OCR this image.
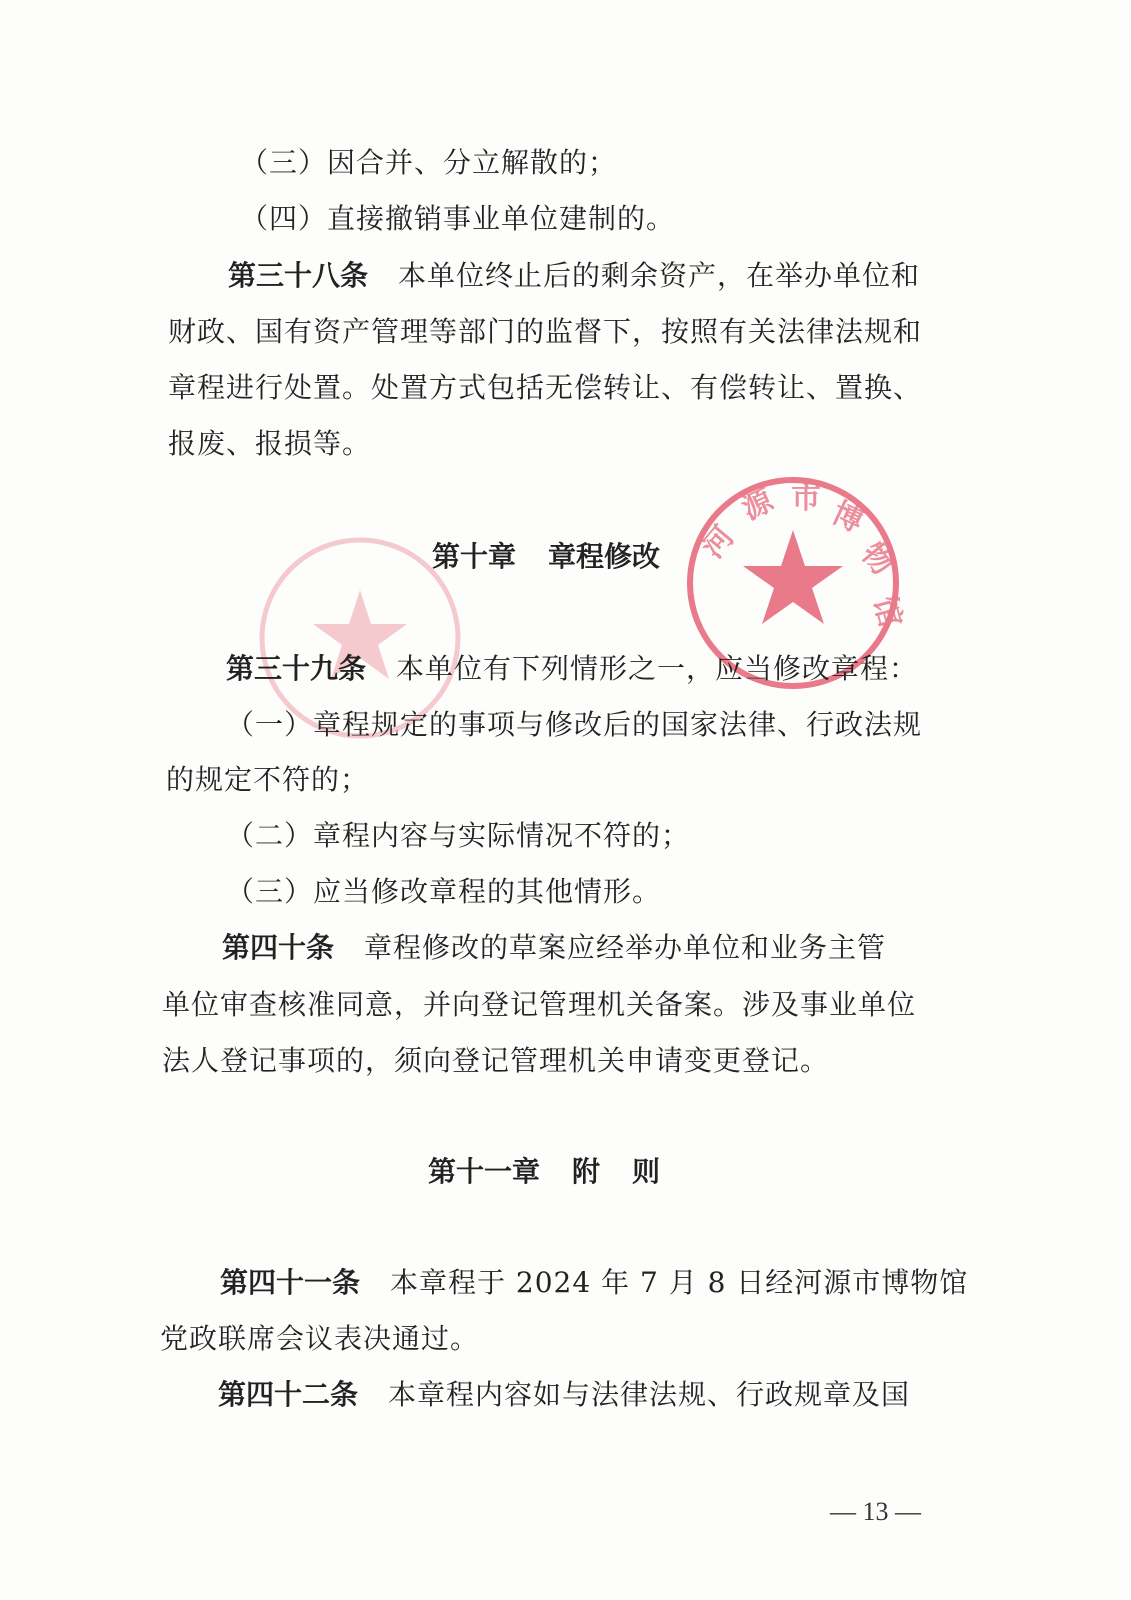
河
源 市 博
物
馆
（三）因合并、分立解散的；
（四）直接撤销事业单位建制的。
第三十八条 本单位终止后的剩余资产，在举办单位和
财政、国有资产管理等部门的监督下，按照有关法律法规和
章程进行处置。处置方式包括无偿转让、有偿转让、置换、
报废、报损等。
第十章 章程修改
第三十九条 本单位有下列情形之一，应当修改章程：
（一）章程规定的事项与修改后的国家法律、行政法规
的规定不符的；
（二）章程内容与实际情况不符的；
（三）应当修改章程的其他情形。
第四十条 章程修改的草案应经举办单位和业务主管
单位审查核准同意，并向登记管理机关备案。涉及事业单位
法人登记事项的，须向登记管理机关申请变更登记。
第十一章 附 则
第四十一条 本章程于 2024 年 7 月 8 日经河源市博物馆
党政联席会议表决通过。
第四十二条 本章程内容如与法律法规、行政规章及国
— 13 —
